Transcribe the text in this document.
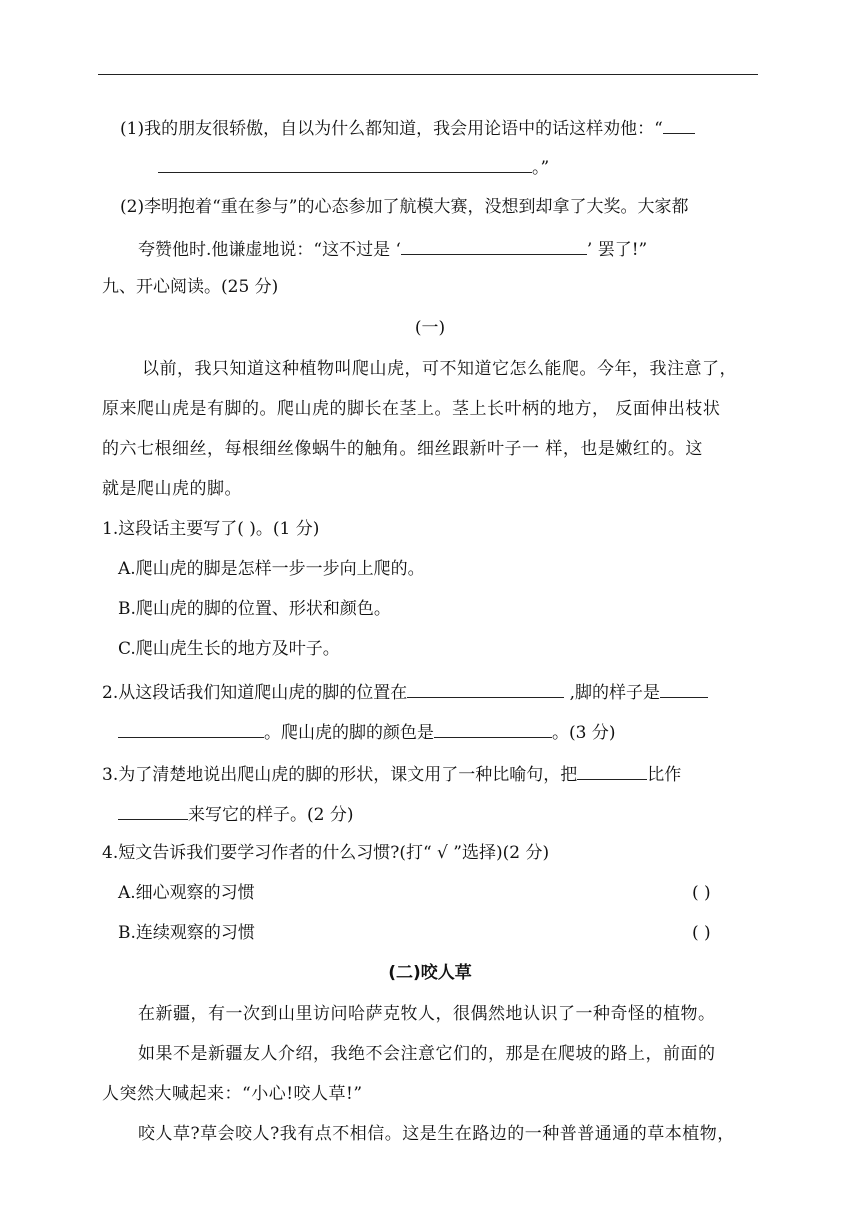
(1)我的朋友很轿傲，自以为什么都知道，我会用论语中的话这样劝他：“
。”
(2)李明抱着“重在参与”的心态参加了航模大赛，没想到却拿了大奖。大家都
夸赞他时.他谦虚地说：“这不过是 ‘	’ 罢了!”
九、开心阅读。(25 分)
(一)
以前，我只知道这种植物叫爬山虎，可不知道它怎么能爬。今年，我注意了，
原来爬山虎是有脚的。爬山虎的脚长在茎上。茎上长叶柄的地方， 反面伸出枝状
的六七根细丝，每根细丝像蜗牛的触角。细丝跟新叶子一 样，也是嫩红的。这
就是爬山虎的脚。
1.这段话主要写了( )。(1 分)
A.爬山虎的脚是怎样一步一步向上爬的。
B.爬山虎的脚的位置、形状和颜色。
C.爬山虎生长的地方及叶子。
2.从这段话我们知道爬山虎的脚的位置在	,脚的样子是
。爬山虎的脚的颜色是	。(3 分)
3.为了清楚地说出爬山虎的脚的形状，课文用了一种比喻句，把	比作
来写它的样子。(2 分)
4.短文告诉我们要学习作者的什么习惯?(打“ √ ”选择)(2 分)
A.细心观察的习惯	( )
B.连续观察的习惯	( )
(二)咬人草
在新疆，有一次到山里访问哈萨克牧人，很偶然地认识了一种奇怪的植物。
如果不是新疆友人介绍，我绝不会注意它们的，那是在爬坡的路上，前面的
人突然大喊起来：“小心!咬人草!”
咬人草?草会咬人?我有点不相信。这是生在路边的一种普普通通的草本植物，
